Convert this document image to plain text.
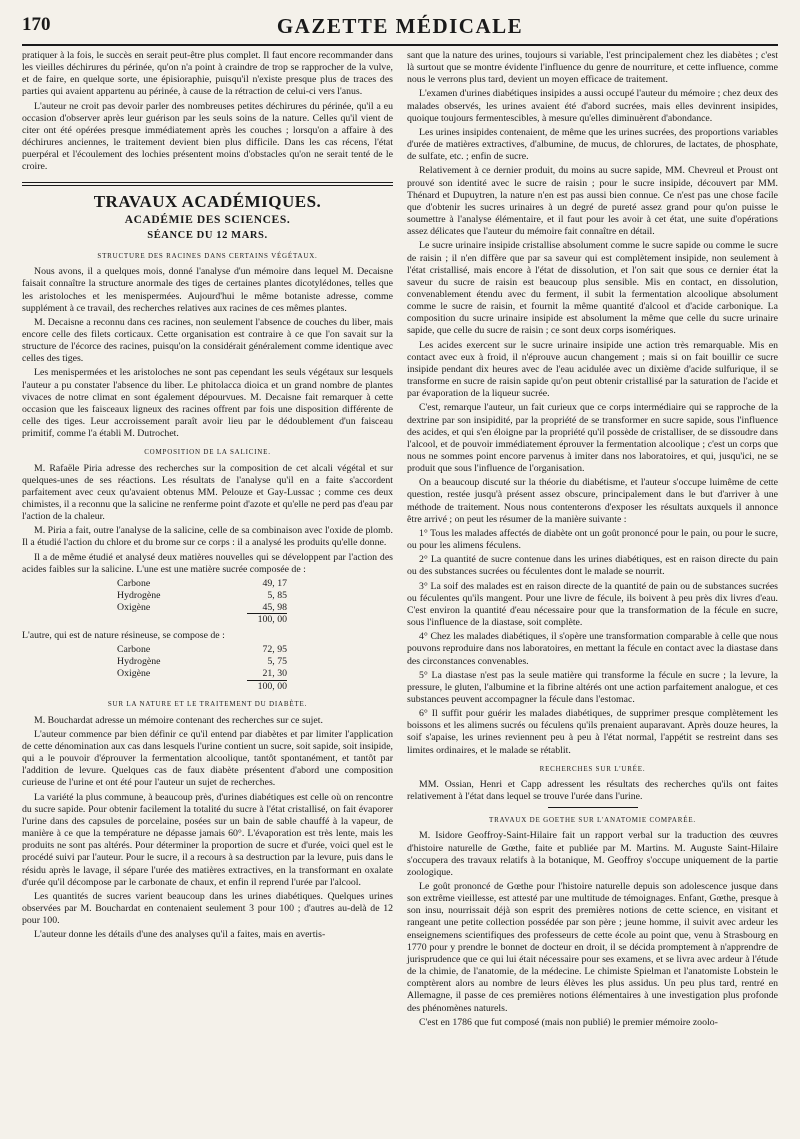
170	GAZETTE MÉDICALE

pratiquer à la fois, le succès en serait peut-être plus complet. Il faut encore recommander dans les vieilles déchirures du périnée, qu'on n'a point à craindre de trop se rapprocher de la vulve, et de faire, en quelque sorte, une épisioraphie, puisqu'il n'existe presque plus de traces des parties qui avaient appartenu au périnée, à cause de la rétraction de celui-ci vers l'anus.

L'auteur ne croit pas devoir parler des nombreuses petites déchirures du périnée, qu'il a eu occasion d'observer après leur guérison par les seuls soins de la nature. Celles qu'il vient de citer ont été opérées presque immédiatement après les couches ; lorsqu'on a affaire à des déchirures anciennes, le traitement devient bien plus difficile. Dans les cas récens, l'état puerpéral et l'écoulement des lochies présentent moins d'obstacles qu'on ne serait tenté de le croire.

TRAVAUX ACADÉMIQUES.
ACADÉMIE DES SCIENCES.
SÉANCE DU 12 MARS.
STRUCTURE DES RACINES DANS CERTAINS VÉGÉTAUX.

Nous avons, il a quelques mois, donné l'analyse d'un mémoire dans lequel M. Decaisne faisait connaître la structure anormale des tiges de certaines plantes dicotylédones, telles que les aristoloches et les menispermées. Aujourd'hui le même botaniste adresse, comme supplément à ce travail, des recherches relatives aux racines de ces mêmes plantes.

M. Decaisne a reconnu dans ces racines, non seulement l'absence de couches du liber, mais encore celle des filets corticaux. Cette organisation est contraire à ce que l'on savait sur la structure de l'écorce des racines, puisqu'on la considérait généralement comme identique avec celles des tiges.

Les menispermées et les aristoloches ne sont pas cependant les seuls végétaux sur lesquels l'auteur a pu constater l'absence du liber. Le phitolacca dioica et un grand nombre de plantes vivaces de notre climat en sont également dépourvues. M. Decaisne fait remarquer à cette occasion que les faisceaux ligneux des racines offrent par fois une disposition différente de celle des tiges. Leur accroissement paraît avoir lieu par le dédoublement d'un faisceau primitif, comme l'a établi M. Dutrochet.

COMPOSITION DE LA SALICINE.

M. Rafaële Piria adresse des recherches sur la composition de cet alcali végétal et sur quelques-unes de ses réactions. Les résultats de l'analyse qu'il en a faite s'accordent parfaitement avec ceux qu'avaient obtenus MM. Pelouze et Gay-Lussac ; comme ces deux chimistes, il a reconnu que la salicine ne renferme point d'azote et qu'elle ne perd pas d'eau par l'action de la chaleur.

M. Piria a fait, outre l'analyse de la salicine, celle de sa combinaison avec l'oxide de plomb. Il a étudié l'action du chlore et du brome sur ce corps : il a analysé les produits qu'elle donne.

Il a de même étudié et analysé deux matières nouvelles qui se développent par l'action des acides faibles sur la salicine. L'une est une matière sucrée composée de :

Carbone	49, 17
Hydrogène	5, 85
Oxigène	45, 98
	100, 00

L'autre, qui est de nature résineuse, se compose de :

Carbone	72, 95
Hydrogène	5, 75
Oxigène	21, 30
	100, 00
SUR LA NATURE ET LE TRAITEMENT DU DIABÈTE.

M. Bouchardat adresse un mémoire contenant des recherches sur ce sujet.

L'auteur commence par bien définir ce qu'il entend par diabètes et par limiter l'application de cette dénomination aux cas dans lesquels l'urine contient un sucre, soit sapide, soit insipide, qui a le pouvoir d'éprouver la fermentation alcoolique, tantôt spontanément, et tantôt par l'addition de levure. Quelques cas de faux diabète présentent d'abord une composition curieuse de l'urine et ont été pour l'auteur un sujet de recherches.

La variété la plus commune, à beaucoup près, d'urines diabétiques est celle où on rencontre du sucre sapide. Pour obtenir facilement la totalité du sucre à l'état cristallisé, on fait évaporer l'urine dans des capsules de porcelaine, posées sur un bain de sable chauffé à la vapeur, de manière à ce que la température ne dépasse jamais 60°. L'évaporation est très lente, mais les produits ne sont pas altérés. Pour déterminer la proportion de sucre et d'urée, voici quel est le procédé suivi par l'auteur. Pour le sucre, il a recours à sa destruction par la levure, puis dans le résidu après le lavage, il sépare l'urée des matières extractives, en la transformant en oxalate d'urée qu'il décompose par le carbonate de chaux, et enfin il reprend l'urée par l'alcool.

Les quantités de sucres varient beaucoup dans les urines diabétiques. Quelques urines observées par M. Bouchardat en contenaient seulement 3 pour 100 ; d'autres au-delà de 12 pour 100.

L'auteur donne les détails d'une des analyses qu'il a faites, mais en avertis-

sant que la nature des urines, toujours si variable, l'est principalement chez les diabètes ; c'est là surtout que se montre évidente l'influence du genre de nourriture, et cette influence, comme nous le verrons plus tard, devient un moyen efficace de traitement.

L'examen d'urines diabétiques insipides a aussi occupé l'auteur du mémoire ; chez deux des malades observés, les urines avaient été d'abord sucrées, mais elles devinrent insipides, quoique toujours fermentescibles, à mesure qu'elles diminuèrent d'abondance.

Les urines insipides contenaient, de même que les urines sucrées, des proportions variables d'urée de matières extractives, d'albumine, de mucus, de chlorures, de lactates, de phosphate, de sulfate, etc. ; enfin de sucre.

Relativement à ce dernier produit, du moins au sucre sapide, MM. Chevreul et Proust ont prouvé son identité avec le sucre de raisin ; pour le sucre insipide, découvert par MM. Thénard et Dupuytren, la nature n'en est pas aussi bien connue. Ce n'est pas une chose facile que d'obtenir les sucres urinaires à un degré de pureté assez grand pour qu'on puisse le soumettre à l'analyse élémentaire, et il faut pour les avoir à cet état, une suite d'opérations assez délicates que l'auteur du mémoire fait connaître en détail.

Le sucre urinaire insipide cristallise absolument comme le sucre sapide ou comme le sucre de raisin ; il n'en diffère que par sa saveur qui est complètement insipide, non seulement à l'état cristallisé, mais encore à l'état de dissolution, et l'on sait que sous ce dernier état la saveur du sucre de raisin est beaucoup plus sensible. Mis en contact, en dissolution, convenablement étendu avec du ferment, il subit la fermentation alcoolique absolument comme le sucre de raisin, et fournit la même quantité d'alcool et d'acide carbonique. La composition du sucre urinaire insipide est absolument la même que celle du sucre urinaire sapide, que celle du sucre de raisin ; ce sont deux corps isomériques.

Les acides exercent sur le sucre urinaire insipide une action très remarquable. Mis en contact avec eux à froid, il n'éprouve aucun changement ; mais si on fait bouillir ce sucre insipide pendant dix heures avec de l'eau acidulée avec un dixième d'acide sulfurique, il se transforme en sucre de raisin sapide qu'on peut obtenir cristallisé par la saturation de l'acide et par évaporation de la liqueur sucrée.

C'est, remarque l'auteur, un fait curieux que ce corps intermédiaire qui se rapproche de la dextrine par son insipidité, par la propriété de se transformer en sucre sapide, sous l'influence des acides, et qui s'en éloigne par la propriété qu'il possède de cristalliser, de se dissoudre dans l'alcool, et de pouvoir immédiatement éprouver la fermentation alcoolique ; c'est un corps que nous ne sommes point encore parvenus à imiter dans nos laboratoires, et qui, jusqu'ici, ne se produit que sous l'influence de l'organisation.

On a beaucoup discuté sur la théorie du diabétisme, et l'auteur s'occupe luimême de cette question, restée jusqu'à présent assez obscure, principalement dans le but d'arriver à une méthode de traitement. Nous nous contenterons d'exposer les résultats auxquels il annonce être arrivé ; on peut les résumer de la manière suivante :

1° Tous les malades affectés de diabète ont un goût prononcé pour le pain, ou pour le sucre, ou pour les alimens féculens.

2° La quantité de sucre contenue dans les urines diabétiques, est en raison directe du pain ou des substances sucrées ou féculentes dont le malade se nourrit.

3° La soif des malades est en raison directe de la quantité de pain ou de substances sucrées ou féculentes qu'ils mangent. Pour une livre de fécule, ils boivent à peu près dix livres d'eau. C'est environ la quantité d'eau nécessaire pour que la transformation de la fécule en sucre, sous l'influence de la diastase, soit complète.

4° Chez les malades diabétiques, il s'opère une transformation comparable à celle que nous pouvons reproduire dans nos laboratoires, en mettant la fécule en contact avec la diastase dans des circonstances convenables.

5° La diastase n'est pas la seule matière qui transforme la fécule en sucre ; la levure, la pressure, le gluten, l'albumine et la fibrine altérés ont une action parfaitement analogue, et ces substances peuvent accompagner la fécule dans l'estomac.

6° Il suffit pour guérir les malades diabétiques, de supprimer presque complètement les boissons et les alimens sucrés ou féculens qu'ils prenaient auparavant. Après douze heures, la soif s'apaise, les urines reviennent peu à peu à l'état normal, l'appétit se restreint dans ses limites ordinaires, et le malade se rétablit.

RECHERCHES SUR L'URÉE.

MM. Ossian, Henri et Capp adressent les résultats des recherches qu'ils ont faites relativement à l'état dans lequel se trouve l'urée dans l'urine.

TRAVAUX DE GOETHE SUR L'ANATOMIE COMPARÉE.

M. Isidore Geoffroy-Saint-Hilaire fait un rapport verbal sur la traduction des œuvres d'histoire naturelle de Gœthe, faite et publiée par M. Martins. M. Auguste Saint-Hilaire s'occupera des travaux relatifs à la botanique, M. Geoffroy s'occupe uniquement de la partie zoologique.

Le goût prononcé de Gœthe pour l'histoire naturelle depuis son adolescence jusque dans son extrême vieillesse, est attesté par une multitude de témoignages. Enfant, Gœthe, presque à son insu, nourrissait déjà son esprit des premières notions de cette science, en visitant et rangeant une petite collection possédée par son père ; jeune homme, il suivit avec ardeur les enseignemens scientifiques des professeurs de cette école au point que, venu à Strasbourg en 1770 pour y prendre le bonnet de docteur en droit, il se décida promptement à n'apprendre de jurisprudence que ce qui lui était nécessaire pour ses examens, et se livra avec ardeur à l'étude de la chimie, de l'anatomie, de la médecine. Le chimiste Spielman et l'anatomiste Lobstein le comptèrent alors au nombre de leurs élèves les plus assidus. Un peu plus tard, rentré en Allemagne, il passe de ces premières notions élémentaires à une investigation plus profonde des phénomènes naturels.

C'est en 1786 que fut composé (mais non publié) le premier mémoire zoolo-
